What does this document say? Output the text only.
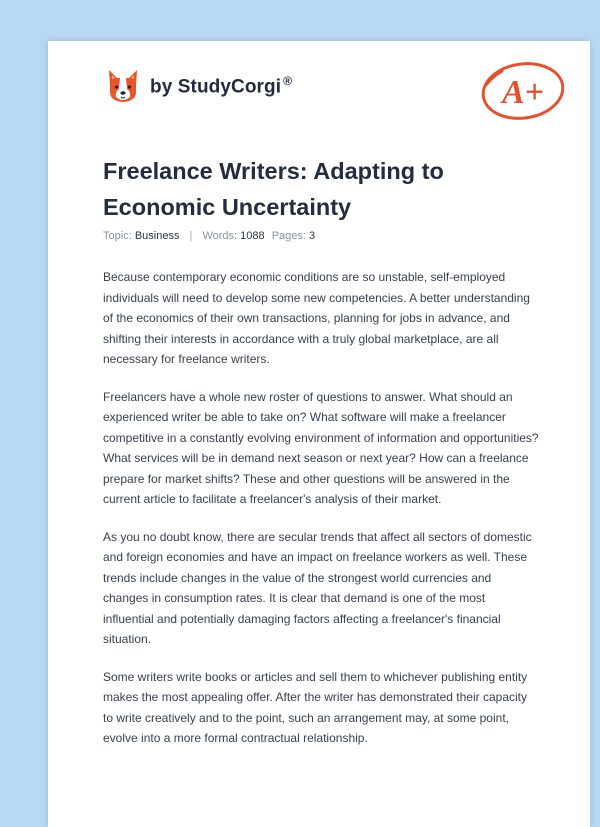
by StudyCorgi ®	A+
Freelance Writers: Adapting to Economic Uncertainty
Topic: Business | Words: 1088 Pages: 3

Because contemporary economic conditions are so unstable, self-employed individuals will need to develop some new competencies. A better understanding of the economics of their own transactions, planning for jobs in advance, and shifting their interests in accordance with a truly global marketplace, are all necessary for freelance writers.

Freelancers have a whole new roster of questions to answer. What should an experienced writer be able to take on? What software will make a freelancer competitive in a constantly evolving environment of information and opportunities? What services will be in demand next season or next year? How can a freelance prepare for market shifts? These and other questions will be answered in the current article to facilitate a freelancer's analysis of their market.

As you no doubt know, there are secular trends that affect all sectors of domestic and foreign economies and have an impact on freelance workers as well. These trends include changes in the value of the strongest world currencies and changes in consumption rates. It is clear that demand is one of the most influential and potentially damaging factors affecting a freelancer's financial situation.

Some writers write books or articles and sell them to whichever publishing entity makes the most appealing offer. After the writer has demonstrated their capacity to write creatively and to the point, such an arrangement may, at some point, evolve into a more formal contractual relationship.
